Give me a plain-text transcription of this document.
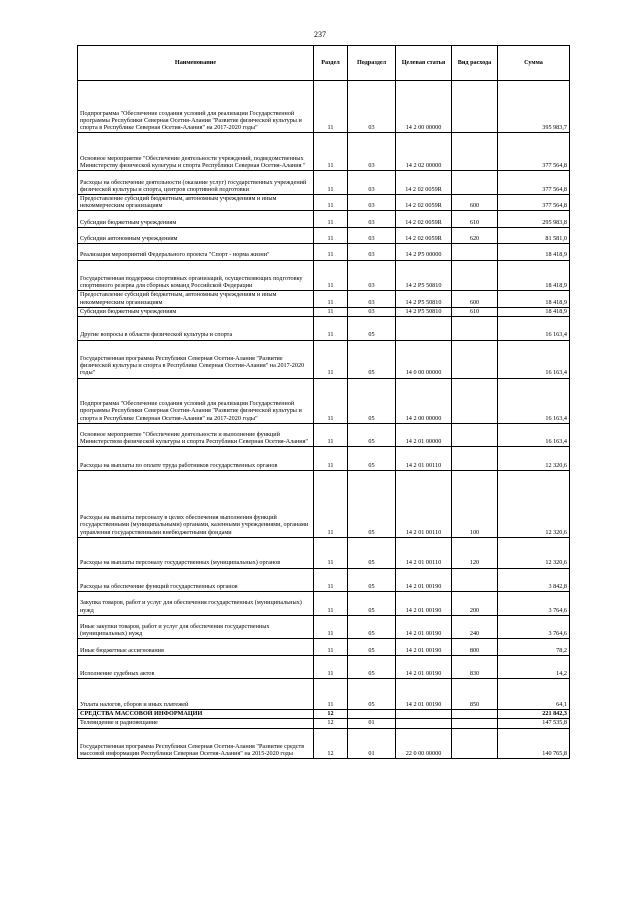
237
Наименование	Раздел	Подраздел	Целевая статья	Вид расхода	Сумма
Подпрограмма "Обеспечение создания условий для реализации Государственной программы Республики Северная Осетия-Алания "Развитие физической культуры и спорта в Республике Северная Осетия-Алания" на 2017-2020 годы"	11	03	14 2 00 00000		395 983,7
Основное мероприятие "Обеспечение деятельности учреждений, подведомственных Министерству физической культуры и спорта Республики Северная Осетия-Алания "	11	03	14 2 02 00000		377 564,8
Расходы на обеспечение деятельности (оказание услуг) государственных учреждений физической культуры и спорта, центров спортивной подготовки	11	03	14 2 02 0059R		377 564,8
Предоставление субсидий бюджетным, автономным учреждениям и иным некоммерческим организациям	11	03	14 2 02 0059R	600	377 564,8
Субсидии бюджетным учреждениям	11	03	14 2 02 0059R	610	295 983,8
Субсидии автономным учреждениям	11	03	14 2 02 0059R	620	81 581,0
Реализация мероприятий Федерального проекта "Спорт - норма жизни"	11	03	14 2 P5 00000		18 418,9
Государственная поддержка спортивных организаций, осуществляющих подготовку спортивного резерва для сборных команд Российской Федерации	11	03	14 2 P5 50810		18 418,9
Предоставление субсидий бюджетным, автономным учреждениям и иным некоммерческим организациям	11	03	14 2 P5 50810	600	18 418,9
Субсидии бюджетным учреждениям	11	03	14 2 P5 50810	610	18 418,9
Другие вопросы в области физической культуры и спорта	11	05			16 163,4
Государственная программа Республики Северная Осетия-Алания "Развитие физической культуры и спорта в Республике Северная Осетия-Алания" на 2017-2020 годы"	11	05	14 0 00 00000		16 163,4
Подпрограмма "Обеспечение создания условий для реализации Государственной программы Республики Северная Осетия-Алания "Развитие физической культуры и спорта в Республике Северная Осетия-Алания" на 2017-2020 годы"	11	05	14 2 00 00000		16 163,4
Основное мероприятие "Обеспечение деятельности и выполнение функций Министерством физической культуры и спорта Республики Северная Осетия-Алания"	11	05	14 2 01 00000		16 163,4
Расходы на выплаты по оплате труда работников государственных органов	11	05	14 2 01 00110		12 320,6
Расходы на выплаты персоналу в целях обеспечения выполнения функций государственными (муниципальными) органами, казенными учреждениями, органами управления государственными внебюджетными фондами	11	05	14 2 01 00110	100	12 320,6
Расходы на выплаты персоналу государственных (муниципальных) органов	11	05	14 2 01 00110	120	12 320,6
Расходы на обеспечение функций государственных органов	11	05	14 2 01 00190		3 842,8
Закупка товаров, работ и услуг для обеспечения государственных (муниципальных) нужд	11	05	14 2 01 00190	200	3 764,6
Иные закупки товаров, работ и услуг для обеспечения государственных (муниципальных) нужд	11	05	14 2 01 00190	240	3 764,6
Иные бюджетные ассигнования	11	05	14 2 01 00190	800	78,2
Исполнение судебных актов	11	05	14 2 01 00190	830	14,2
Уплата налогов, сборов и иных платежей	11	05	14 2 01 00190	850	64,1
СРЕДСТВА МАССОВОЙ ИНФОРМАЦИИ	12				221 842,3
Телевидение и радиовещание	12	01			147 535,8
Государственная программа Республики Северная Осетия-Алания "Развитие средств массовой информации Республики Северная Осетия-Алания" на 2015-2020 годы	12	01	22 0 00 00000		140 765,8
